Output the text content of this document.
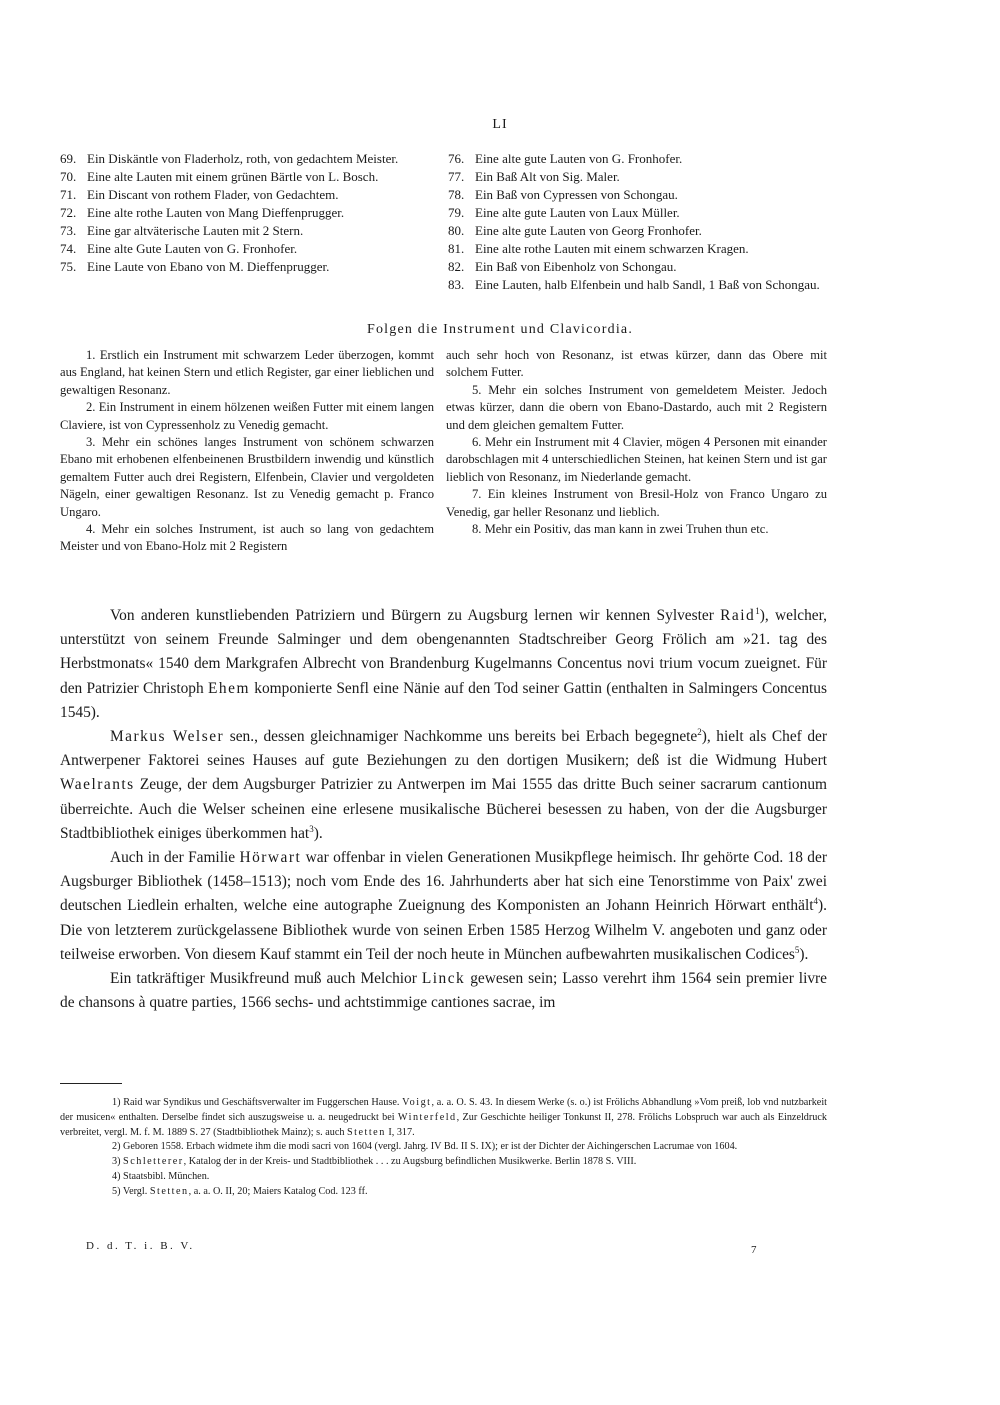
LI
69. Ein Diskäntle von Fladerholz, roth, von gedachtem Meister.
70. Eine alte Lauten mit einem grünen Bärtle von L. Bosch.
71. Ein Discant von rothem Flader, von Gedachtem.
72. Eine alte rothe Lauten von Mang Dieffenprugger.
73. Eine gar altväterische Lauten mit 2 Stern.
74. Eine alte Gute Lauten von G. Fronhofer.
75. Eine Laute von Ebano von M. Dieffenprugger.
76. Eine alte gute Lauten von G. Fronhofer.
77. Ein Baß Alt von Sig. Maler.
78. Ein Baß von Cypressen von Schongau.
79. Eine alte gute Lauten von Laux Müller.
80. Eine alte gute Lauten von Georg Fronhofer.
81. Eine alte rothe Lauten mit einem schwarzen Kragen.
82. Ein Baß von Eibenholz von Schongau.
83. Eine Lauten, halb Elfenbein und halb Sandl, 1 Baß von Schongau.
Folgen die Instrument und Clavicordia.

1. Erstlich ein Instrument mit schwarzem Leder überzogen, kommt aus England, hat keinen Stern und etlich Register, gar einer lieblichen und gewaltigen Resonanz.

2. Ein Instrument in einem hölzenen weißen Futter mit einem langen Claviere, ist von Cypressenholz zu Venedig gemacht.

3. Mehr ein schönes langes Instrument von schönem schwarzen Ebano mit erhobenen elfenbeinenen Brustbildern inwendig und künstlich gemaltem Futter auch drei Registern, Elfenbein, Clavier und vergoldeten Nägeln, einer gewaltigen Resonanz. Ist zu Venedig gemacht p. Franco Ungaro.

4. Mehr ein solches Instrument, ist auch so lang von gedachtem Meister und von Ebano-Holz mit 2 Registern

auch sehr hoch von Resonanz, ist etwas kürzer, dann das Obere mit solchem Futter.

5. Mehr ein solches Instrument von gemeldetem Meister. Jedoch etwas kürzer, dann die obern von Ebano-Dastardo, auch mit 2 Registern und dem gleichen gemaltem Futter.

6. Mehr ein Instrument mit 4 Clavier, mögen 4 Personen mit einander darobschlagen mit 4 unterschiedlichen Steinen, hat keinen Stern und ist gar lieblich von Resonanz, im Niederlande gemacht.

7. Ein kleines Instrument von Bresil-Holz von Franco Ungaro zu Venedig, gar heller Resonanz und lieblich.

8. Mehr ein Positiv, das man kann in zwei Truhen thun etc.

Von anderen kunstliebenden Patriziern und Bürgern zu Augsburg lernen wir kennen Sylvester Raid$^1$), welcher, unterstützt von seinem Freunde Salminger und dem obengenannten Stadtschreiber Georg Frölich am »21. tag des Herbstmonats« 1540 dem Markgrafen Albrecht von Brandenburg Kugelmanns Concentus novi trium vocum zueignet. Für den Patrizier Christoph Ehem komponierte Senfl eine Nänie auf den Tod seiner Gattin (enthalten in Salmingers Concentus 1545).

Markus Welser sen., dessen gleichnamiger Nachkomme uns bereits bei Erbach begegnete$^2$), hielt als Chef der Antwerpener Faktorei seines Hauses auf gute Beziehungen zu den dortigen Musikern; deß ist die Widmung Hubert Waelrants Zeuge, der dem Augsburger Patrizier zu Antwerpen im Mai 1555 das dritte Buch seiner sacrarum cantionum überreichte. Auch die Welser scheinen eine erlesene musikalische Bücherei besessen zu haben, von der die Augsburger Stadtbibliothek einiges überkommen hat$^3$).

Auch in der Familie Hörwart war offenbar in vielen Generationen Musikpflege heimisch. Ihr gehörte Cod. 18 der Augsburger Bibliothek (1458–1513); noch vom Ende des 16. Jahrhunderts aber hat sich eine Tenorstimme von Paix' zwei deutschen Liedlein erhalten, welche eine autographe Zueignung des Komponisten an Johann Heinrich Hörwart enthält$^4$). Die von letzterem zurückgelassene Bibliothek wurde von seinen Erben 1585 Herzog Wilhelm V. angeboten und ganz oder teilweise erworben. Von diesem Kauf stammt ein Teil der noch heute in München aufbewahrten musikalischen Codices$^5$).

Ein tatkräftiger Musikfreund muß auch Melchior Linck gewesen sein; Lasso verehrt ihm 1564 sein premier livre de chansons à quatre parties, 1566 sechs- und achtstimmige cantiones sacrae, im

1) Raid war Syndikus und Geschäftsverwalter im Fuggerschen Hause. Voigt, a. a. O. S. 43. In diesem Werke (s. o.) ist Frölichs Abhandlung »Vom preiß, lob vnd nutzbarkeit der musicen« enthalten. Derselbe findet sich auszugsweise u. a. neugedruckt bei Winterfeld, Zur Geschichte heiliger Tonkunst II, 278. Frölichs Lobspruch war auch als Einzeldruck verbreitet, vergl. M. f. M. 1889 S. 27 (Stadtbibliothek Mainz); s. auch Stetten I, 317.

2) Geboren 1558. Erbach widmete ihm die modi sacri von 1604 (vergl. Jahrg. IV Bd. II S. IX); er ist der Dichter der Aichingerschen Lacrumae von 1604.

3) Schletterer, Katalog der in der Kreis- und Stadtbibliothek . . . zu Augsburg befindlichen Musikwerke. Berlin 1878 S. VIII.

4) Staatsbibl. München.

5) Vergl. Stetten, a. a. O. II, 20; Maiers Katalog Cod. 123 ff.

D. d. T. i. B. V.	7
